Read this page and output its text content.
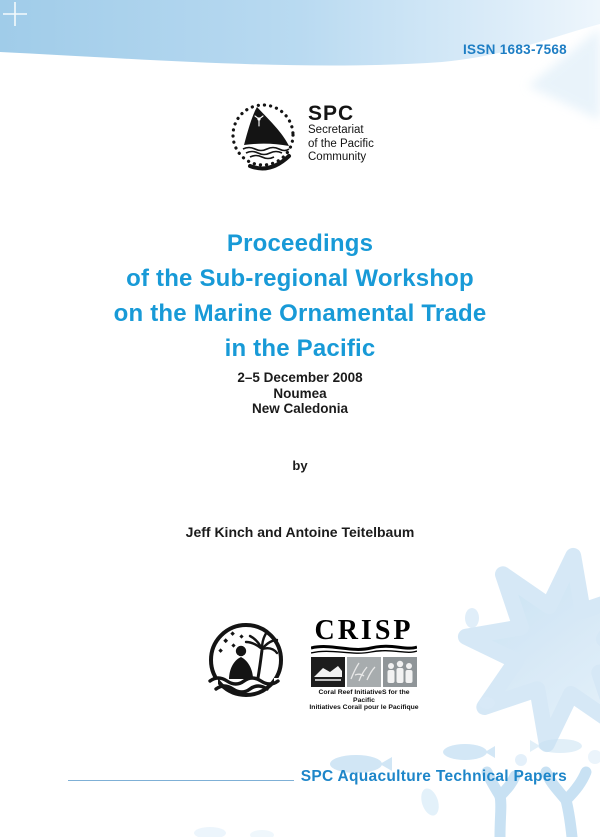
ISSN 1683-7568
SPC
Secretariat
of the Pacific
Community
Proceedings
of the Sub-regional Workshop
on the Marine Ornamental Trade
in the Pacific
2–5 December 2008
Noumea
New Caledonia
by
Jeff Kinch and Antoine Teitelbaum
CRISP
Coral Reef InitiativeS for the Pacific
Initiatives Corail pour le Pacifique
SPC Aquaculture Technical Papers
